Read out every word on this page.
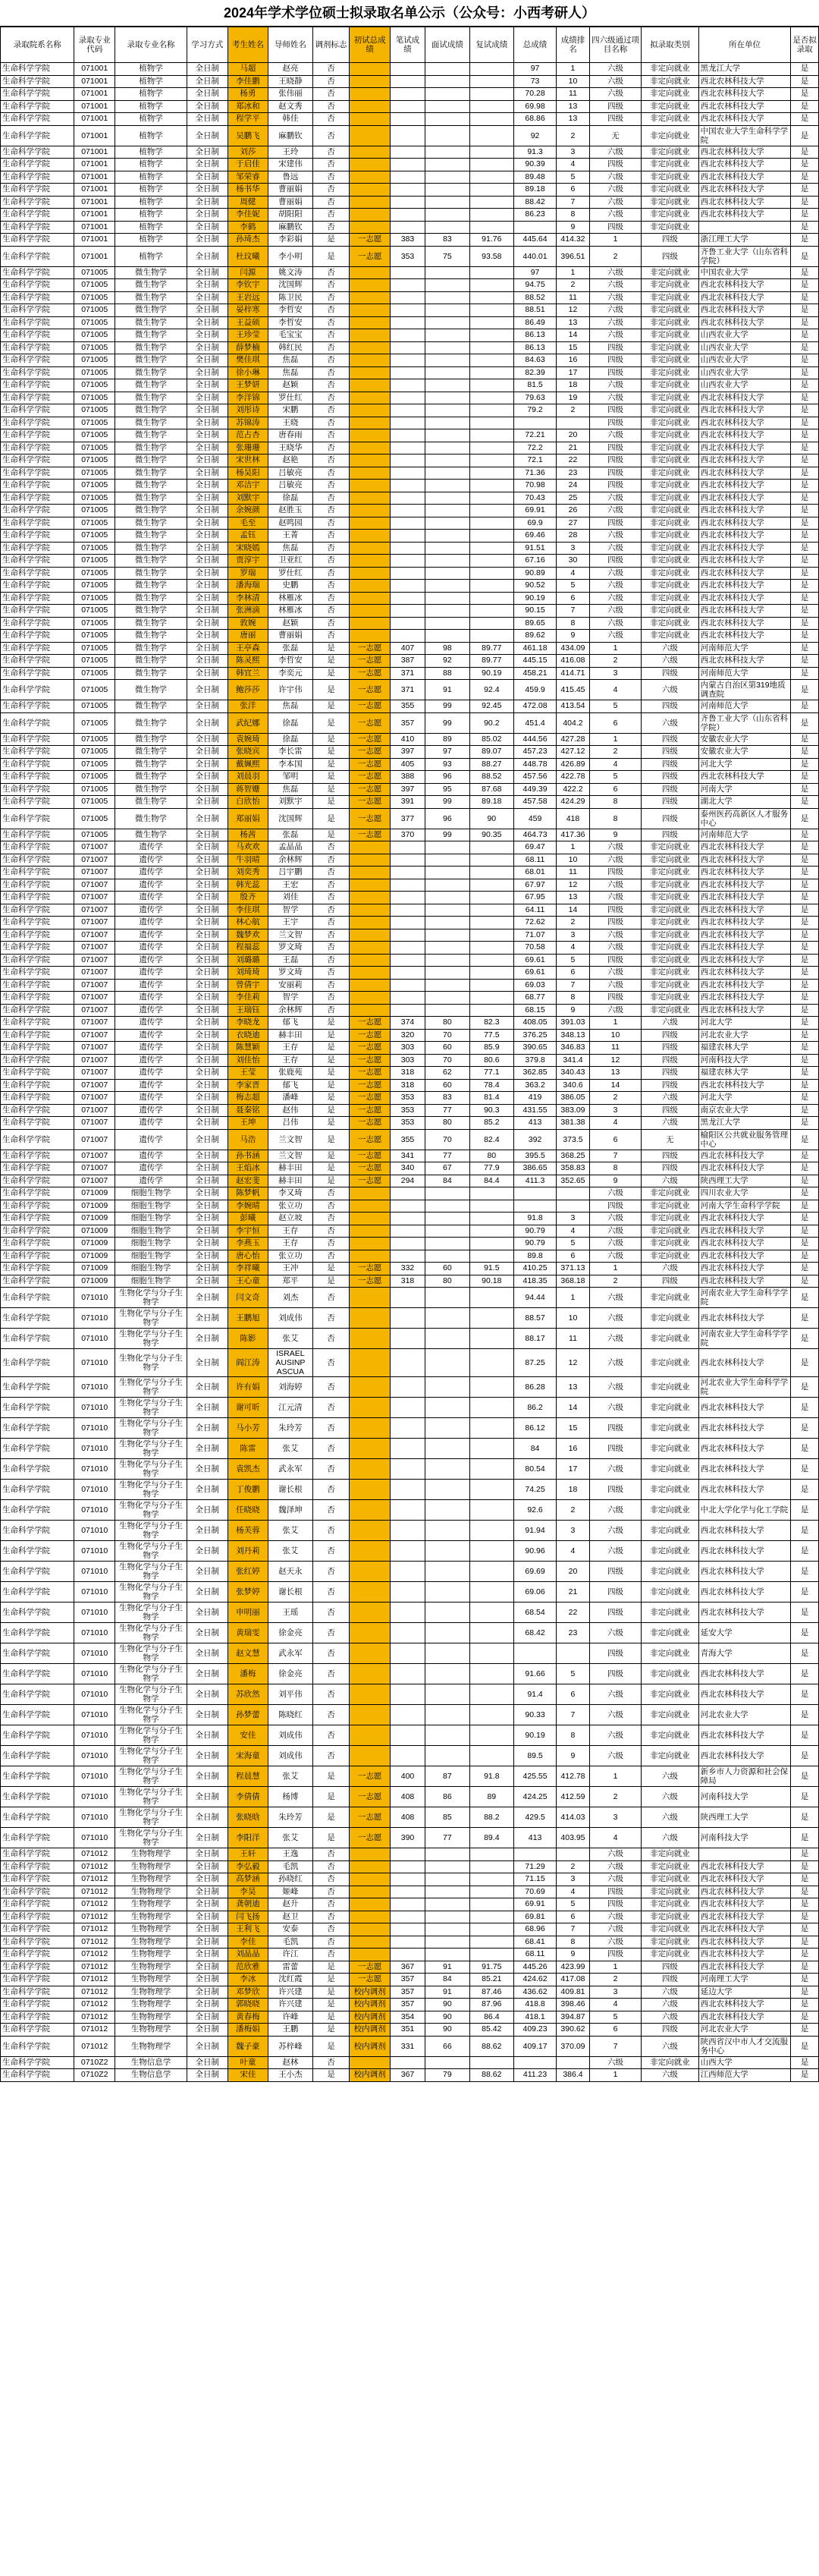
2024年学术学位硕士拟录取名单公示（公众号：小西考研人）
录取院系名称	录取专业代码	录取专业名称	学习方式	考生姓名	导师姓名	调剂标志	初试总成绩	笔试成绩	面试成绩	复试成绩	总成绩	成绩排名	四六级通过项目名称	拟录取类别	所在单位	是否拟录取
生命科学学院	071001	植物学	全日制	马超	赵亮	否					97	1	六级	非定向就业	黑龙江大学	是
生命科学学院	071001	植物学	全日制	李佳鹏	王晓静	否					73	10	六级	非定向就业	西北农林科技大学	是
生命科学学院	071001	植物学	全日制	杨勇	张伟丽	否					70.28	11	六级	非定向就业	西北农林科技大学	是
生命科学学院	071001	植物学	全日制	郑冰和	赵文秀	否					69.98	13	四级	非定向就业	西北农林科技大学	是
生命科学学院	071001	植物学	全日制	程学平	韩佳	否					68.86	13	四级	非定向就业	西北农林科技大学	是
生命科学学院	071001	植物学	全日制	吴鹏飞	麻鹏钦	否					92	2	无	非定向就业	中国农业大学生命科学学院	是
生命科学学院	071001	植物学	全日制	刘莎	王玲	否					91.3	3	六级	非定向就业	西北农林科技大学	是
生命科学学院	071001	植物学	全日制	于启佳	宋建伟	否					90.39	4	四级	非定向就业	西北农林科技大学	是
生命科学学院	071001	植物学	全日制	邹荣睿	鲁远	否					89.48	5	六级	非定向就业	西北农林科技大学	是
生命科学学院	071001	植物学	全日制	杨书华	曹丽娟	否					89.18	6	六级	非定向就业	西北农林科技大学	是
生命科学学院	071001	植物学	全日制	周健	曹丽娟	否					88.42	7	六级	非定向就业	西北农林科技大学	是
生命科学学院	071001	植物学	全日制	李佳妮	胡阳阳	否					86.23	8	六级	非定向就业	西北农林科技大学	是
生命科学学院	071001	植物学	全日制	李鹤	麻鹏钦	否						9	四级	非定向就业		是
生命科学学院	071001	植物学	全日制	孙琦杰	李彩娟	是	一志愿	383	83	91.76	445.64	414.32	1	四级	浙江理工大学	是
生命科学学院	071001	植物学	全日制	杜玟曦	李小明	是	一志愿	353	75	93.58	440.01	396.51	2	四级	齐鲁工业大学（山东省科学院）	是
生命科学学院	071005	微生物学	全日制	闫源	姚文涛	否					97	1	六级	非定向就业	中国农业大学	是
生命科学学院	071005	微生物学	全日制	李钦宇	沈国辉	否					94.75	2	六级	非定向就业	西北农林科技大学	是
生命科学学院	071005	微生物学	全日制	王岩远	陈卫民	否					88.52	11	六级	非定向就业	西北农林科技大学	是
生命科学学院	071005	微生物学	全日制	晏梓寒	李哲安	否					88.51	12	六级	非定向就业	西北农林科技大学	是
生命科学学院	071005	微生物学	全日制	王益硕	李哲安	否					86.49	13	六级	非定向就业	西北农林科技大学	是
生命科学学院	071005	微生物学	全日制	王珍莹	毛宝宝	否					86.13	14	六级	非定向就业	山西农业大学	是
生命科学学院	071005	微生物学	全日制	薛梦楠	韩红民	否					86.13	15	四级	非定向就业	山西农业大学	是
生命科学学院	071005	微生物学	全日制	樊佳琪	焦磊	否					84.63	16	四级	非定向就业	山西农业大学	是
生命科学学院	071005	微生物学	全日制	徐小琳	焦磊	否					82.39	17	四级	非定向就业	山西农业大学	是
生命科学学院	071005	微生物学	全日制	王梦妍	赵颖	否					81.5	18	六级	非定向就业	山西农业大学	是
生命科学学院	071005	微生物学	全日制	李洋锦	罗仕红	否					79.63	19	六级	非定向就业	西北农林科技大学	是
生命科学学院	071005	微生物学	全日制	刘彤诗	宋鹏	否					79.2	2	四级	非定向就业	西北农林科技大学	是
生命科学学院	071005	微生物学	全日制	苏锦涛	王晓	否							四级	非定向就业	西北农林科技大学	是
生命科学学院	071005	微生物学	全日制	范占杏	唐春雨	否					72.21	20	六级	非定向就业	西北农林科技大学	是
生命科学学院	071005	微生物学	全日制	张珊珊	王晓华	否					72.2	21	四级	非定向就业	西北农林科技大学	是
生命科学学院	071005	微生物学	全日制	宋世林	赵艳	否					72.1	22	四级	非定向就业	西北农林科技大学	是
生命科学学院	071005	微生物学	全日制	杨昊阳	吕敏亮	否					71.36	23	四级	非定向就业	西北农林科技大学	是
生命科学学院	071005	微生物学	全日制	邓洁宇	吕敏亮	否					70.98	24	四级	非定向就业	西北农林科技大学	是
生命科学学院	071005	微生物学	全日制	刘默宇	徐磊	否					70.43	25	六级	非定向就业	西北农林科技大学	是
生命科学学院	071005	微生物学	全日制	余婉颜	赵胜玉	否					69.91	26	六级	非定向就业	西北农林科技大学	是
生命科学学院	071005	微生物学	全日制	毛至	赵鸣园	否					69.9	27	四级	非定向就业	西北农林科技大学	是
生命科学学院	071005	微生物学	全日制	孟钰	王菁	否					69.46	28	六级	非定向就业	西北农林科技大学	是
生命科学学院	071005	微生物学	全日制	宋晓嫣	焦磊	否					91.51	3	六级	非定向就业	西北农林科技大学	是
生命科学学院	071005	微生物学	全日制	贾淳宇	卫亚红	否					67.16	30	四级	非定向就业	西北农林科技大学	是
生命科学学院	071005	微生物学	全日制	罗瑞	罗仕红	否					90.89	4	六级	非定向就业	西北农林科技大学	是
生命科学学院	071005	微生物学	全日制	潘海瑞	史鹏	否					90.52	5	六级	非定向就业	西北农林科技大学	是
生命科学学院	071005	微生物学	全日制	李林清	林雁冰	否					90.19	6	六级	非定向就业	西北农林科技大学	是
生命科学学院	071005	微生物学	全日制	张洲滴	林雁冰	否					90.15	7	六级	非定向就业	西北农林科技大学	是
生命科学学院	071005	微生物学	全日制	敦婉	赵颖	否					89.65	8	六级	非定向就业	西北农林科技大学	是
生命科学学院	071005	微生物学	全日制	唐丽	曹丽娟	否					89.62	9	六级	非定向就业	西北农林科技大学	是
生命科学学院	071005	微生物学	全日制	王亭森	张磊	是	一志愿	407	98	89.77	461.18	434.09	1	六级	河南师范大学	是
生命科学学院	071005	微生物学	全日制	陈灵熙	李哲安	是	一志愿	387	92	89.77	445.15	416.08	2	六级	西北农林科技大学	是
生命科学学院	071005	微生物学	全日制	韩宜兰	李奕元	是	一志愿	371	88	90.19	458.21	414.71	3	四级	河南师范大学	是
生命科学学院	071005	微生物学	全日制	鲍莎莎	许宇伟	是	一志愿	371	91	92.4	459.9	415.45	4	六级	内蒙古自治区第319地质调查院	是
生命科学学院	071005	微生物学	全日制	张洋	焦磊	是	一志愿	355	99	92.45	472.08	413.54	5	四级	河南师范大学	是
生命科学学院	071005	微生物学	全日制	武纪娜	徐磊	是	一志愿	357	99	90.2	451.4	404.2	6	六级	齐鲁工业大学（山东省科学院）	是
生命科学学院	071005	微生物学	全日制	袁婉琦	徐磊	是	一志愿	410	89	85.02	444.56	427.28	1	四级	安徽农业大学	是
生命科学学院	071005	微生物学	全日制	张晓宾	李长雷	是	一志愿	397	97	89.07	457.23	427.12	2	四级	安徽农业大学	是
生命科学学院	071005	微生物学	全日制	戴姵熙	李本国	是	一志愿	405	93	88.27	448.78	426.89	4	四级	河北大学	是
生命科学学院	071005	微生物学	全日制	刘晨羽	邹明	是	一志愿	388	96	88.52	457.56	422.78	5	四级	西北农林科技大学	是
生命科学学院	071005	微生物学	全日制	蒋智姗	焦磊	是	一志愿	397	95	87.68	449.39	422.2	6	四级	河南大学	是
生命科学学院	071005	微生物学	全日制	白欣怡	刘默宇	是	一志愿	391	99	89.18	457.58	424.29	8	四级	湖北大学	是
生命科学学院	071005	微生物学	全日制	郑丽娟	沈国辉	是	一志愿	377	96	90	459	418	8	四级	泰州医药高新区人才服务中心	是
生命科学学院	071005	微生物学	全日制	杨茜	张磊	是	一志愿	370	99	90.35	464.73	417.36	9	四级	河南师范大学	是
生命科学学院	071007	遗传学	全日制	马欢欢	孟晶晶	否					69.47	1	六级	非定向就业	西北农林科技大学	是
生命科学学院	071007	遗传学	全日制	牛羽晴	余林辉	否					68.11	10	六级	非定向就业	西北农林科技大学	是
生命科学学院	071007	遗传学	全日制	刘奕秀	吕宇鹏	否					68.01	11	四级	非定向就业	西北农林科技大学	是
生命科学学院	071007	遗传学	全日制	韩光蕊	王宏	否					67.97	12	六级	非定向就业	西北农林科技大学	是
生命科学学院	071007	遗传学	全日制	殷齐	刘佳	否					67.95	13	六级	非定向就业	西北农林科技大学	是
生命科学学院	071007	遗传学	全日制	李佳琪	智学	否					64.11	14	四级	非定向就业	西北农林科技大学	是
生命科学学院	071007	遗传学	全日制	林心航	王宇	否					72.62	2	四级	非定向就业	西北农林科技大学	是
生命科学学院	071007	遗传学	全日制	魏梦欢	兰文智	否					71.07	3	六级	非定向就业	西北农林科技大学	是
生命科学学院	071007	遗传学	全日制	程福蕊	罗文琦	否					70.58	4	六级	非定向就业	西北农林科技大学	是
生命科学学院	071007	遗传学	全日制	刘璐璐	王磊	否					69.61	5	四级	非定向就业	西北农林科技大学	是
生命科学学院	071007	遗传学	全日制	刘琦琦	罗文琦	否					69.61	6	六级	非定向就业	西北农林科技大学	是
生命科学学院	071007	遗传学	全日制	曾倩宇	安丽莉	否					69.03	7	六级	非定向就业	西北农林科技大学	是
生命科学学院	071007	遗传学	全日制	李佳莉	智学	否					68.77	8	四级	非定向就业	西北农林科技大学	是
生命科学学院	071007	遗传学	全日制	王瑞钰	余林辉	否					68.15	9	六级	非定向就业	西北农林科技大学	是
生命科学学院	071007	遗传学	全日制	李晓龙	郁飞	是	一志愿	374	80	82.3	408.05	391.03	1	六级	河北大学	是
生命科学学院	071007	遗传学	全日制	衣晓迪	赫丰田	是	一志愿	320	70	77.5	376.25	348.13	10	四级	河北农业大学	是
生命科学学院	071007	遗传学	全日制	陈慧颖	王存	是	一志愿	303	60	85.9	390.65	346.83	11	四级	福建农林大学	是
生命科学学院	071007	遗传学	全日制	刘佳怡	王存	是	一志愿	303	70	80.6	379.8	341.4	12	四级	河南科技大学	是
生命科学学院	071007	遗传学	全日制	王莹	张鹿苑	是	一志愿	318	62	77.1	362.85	340.43	13	四级	福建农林大学	是
生命科学学院	071007	遗传学	全日制	李家晋	郁飞	是	一志愿	318	60	78.4	363.2	340.6	14	四级	西北农林科技大学	是
生命科学学院	071007	遗传学	全日制	梅志超	潘峰	是	一志愿	353	83	81.4	419	386.05	2	六级	河北大学	是
生命科学学院	071007	遗传学	全日制	聂秦铭	赵伟	是	一志愿	353	77	90.3	431.55	383.09	3	四级	南京农业大学	是
生命科学学院	071007	遗传学	全日制	王坤	吕伟	是	一志愿	353	80	85.2	413	381.38	4	六级	黑龙江大学	是
生命科学学院	071007	遗传学	全日制	马浩	兰文智	是	一志愿	355	70	82.4	392	373.5	6	无	榆阳区公共就业服务管理中心	是
生命科学学院	071007	遗传学	全日制	孙书涵	兰文智	是	一志愿	341	77	80	395.5	368.25	7	四级	西北农林科技大学	是
生命科学学院	071007	遗传学	全日制	王焰冰	赫丰田	是	一志愿	340	67	77.9	386.65	358.83	8	四级	西北农林科技大学	是
生命科学学院	071007	遗传学	全日制	赵宏斐	赫丰田	是	一志愿	294	84	84.4	411.3	352.65	9	六级	陕西理工大学	是
生命科学学院	071009	细胞生物学	全日制	陈梦帆	李又琦	否							六级	非定向就业	四川农业大学	是
生命科学学院	071009	细胞生物学	全日制	李婉晴	张立功	否							四级	非定向就业	河南大学生命科学学院	是
生命科学学院	071009	细胞生物学	全日制	彭曦	赵立坡	否					91.8	3	六级	非定向就业	西北农林科技大学	是
生命科学学院	071009	细胞生物学	全日制	李宇恒	王存	否					90.79	4	六级	非定向就业	西北农林科技大学	是
生命科学学院	071009	细胞生物学	全日制	李燕玉	王存	否					90.79	5	六级	非定向就业	西北农林科技大学	是
生命科学学院	071009	细胞生物学	全日制	唐心怡	张立功	否					89.8	6	六级	非定向就业	西北农林科技大学	是
生命科学学院	071009	细胞生物学	全日制	李祥曦	王冲	是	一志愿	332	60	91.5	410.25	371.13	1	六级	西北农林科技大学	是
生命科学学院	071009	细胞生物学	全日制	王心童	郑平	是	一志愿	318	80	90.18	418.35	368.18	2	四级	西北农林科技大学	是
生命科学学院	071010	生物化学与分子生物学	全日制	闫文奇	刘杰	否					94.44	1	六级	非定向就业	河南农业大学生命科学学院	是
生命科学学院	071010	生物化学与分子生物学	全日制	王鹏旭	刘成伟	否					88.57	10	六级	非定向就业	西北农林科技大学	是
生命科学学院	071010	生物化学与分子生物学	全日制	陈影	张艾	否					88.17	11	六级	非定向就业	河南农业大学生命科学学院	是
生命科学学院	071010	生物化学与分子生物学	全日制	阎江涛	ISRAEL AUSINP ASCUA	否					87.25	12	六级	非定向就业	西北农林科技大学	是
生命科学学院	071010	生物化学与分子生物学	全日制	许有娟	刘海婷	否					86.28	13	六级	非定向就业	河北农业大学生命科学学院	是
生命科学学院	071010	生物化学与分子生物学	全日制	谢可昕	江元清	否					86.2	14	六级	非定向就业	西北农林科技大学	是
生命科学学院	071010	生物化学与分子生物学	全日制	马小芳	朱玲芳	否					86.12	15	四级	非定向就业	西北农林科技大学	是
生命科学学院	071010	生物化学与分子生物学	全日制	陈雷	张艾	否					84	16	四级	非定向就业	西北农林科技大学	是
生命科学学院	071010	生物化学与分子生物学	全日制	袁凯杰	武永军	否					80.54	17	六级	非定向就业	西北农林科技大学	是
生命科学学院	071010	生物化学与分子生物学	全日制	丁俊鹏	谢长根	否					74.25	18	四级	非定向就业	西北农林科技大学	是
生命科学学院	071010	生物化学与分子生物学	全日制	任晓晓	魏泽坤	否					92.6	2	六级	非定向就业	中北大学化学与化工学院	是
生命科学学院	071010	生物化学与分子生物学	全日制	杨芙蓉	张艾	否					91.94	3	六级	非定向就业	西北农林科技大学	是
生命科学学院	071010	生物化学与分子生物学	全日制	刘丹莉	张艾	否					90.96	4	六级	非定向就业	西北农林科技大学	是
生命科学学院	071010	生物化学与分子生物学	全日制	张红婷	赵天永	否					69.69	20	四级	非定向就业	西北农林科技大学	是
生命科学学院	071010	生物化学与分子生物学	全日制	张梦婷	谢长根	否					69.06	21	四级	非定向就业	西北农林科技大学	是
生命科学学院	071010	生物化学与分子生物学	全日制	申明丽	王瑶	否					68.54	22	四级	非定向就业	西北农林科技大学	是
生命科学学院	071010	生物化学与分子生物学	全日制	黄瑞雯	徐金亮	否					68.42	23	六级	非定向就业	延安大学	是
生命科学学院	071010	生物化学与分子生物学	全日制	赵文慧	武永军	否							四级	非定向就业	青海大学	是
生命科学学院	071010	生物化学与分子生物学	全日制	潘梅	徐金亮	否					91.66	5	四级	非定向就业	西北农林科技大学	是
生命科学学院	071010	生物化学与分子生物学	全日制	苏欣然	刘平伟	否					91.4	6	六级	非定向就业	西北农林科技大学	是
生命科学学院	071010	生物化学与分子生物学	全日制	孙梦蕾	陈晓红	否					90.33	7	六级	非定向就业	河北农业大学	是
生命科学学院	071010	生物化学与分子生物学	全日制	安佳	刘成伟	否					90.19	8	六级	非定向就业	西北农林科技大学	是
生命科学学院	071010	生物化学与分子生物学	全日制	宋海童	刘成伟	否					89.5	9	六级	非定向就业	西北农林科技大学	是
生命科学学院	071010	生物化学与分子生物学	全日制	程晨慧	张艾	是	一志愿	400	87	91.8	425.55	412.78	1	六级	新乡市人力资源和社会保障局	是
生命科学学院	071010	生物化学与分子生物学	全日制	李倩倩	杨博	是	一志愿	408	86	89	424.25	412.59	2	六级	河南科技大学	是
生命科学学院	071010	生物化学与分子生物学	全日制	张晓晗	朱玲芳	是	一志愿	408	85	88.2	429.5	414.03	3	六级	陕西理工大学	是
生命科学学院	071010	生物化学与分子生物学	全日制	李阳洋	张艾	是	一志愿	390	77	89.4	413	403.95	4	六级	河南科技大学	是
生命科学学院	071012	生物物理学	全日制	王轩	王逸	否							六级	非定向就业		是
生命科学学院	071012	生物物理学	全日制	李弘毅	毛凯	否					71.29	2	六级	非定向就业	西北农林科技大学	是
生命科学学院	071012	生物物理学	全日制	高梦涵	孙晓红	否					71.15	3	六级	非定向就业	西北农林科技大学	是
生命科学学院	071012	生物物理学	全日制	李昊	姬峰	否					70.69	4	四级	非定向就业	西北农林科技大学	是
生命科学学院	071012	生物物理学	全日制	龚朝迪	赵升	否					69.91	5	四级	非定向就业	西北农林科技大学	是
生命科学学院	071012	生物物理学	全日制	闫飞扬	赵卫	否					69.81	6	六级	非定向就业	西北农林科技大学	是
生命科学学院	071012	生物物理学	全日制	王利飞	安泰	否					68.96	7	六级	非定向就业	西北农林科技大学	是
生命科学学院	071012	生物物理学	全日制	李佳	毛凯	否					68.41	8	六级	非定向就业	西北农林科技大学	是
生命科学学院	071012	生物物理学	全日制	刘晶晶	许江	否					68.11	9	四级	非定向就业	西北农林科技大学	是
生命科学学院	071012	生物物理学	全日制	范欣雅	雷蕾	是	一志愿	367	91	91.75	445.26	423.99	1	四级	西北农林科技大学	是
生命科学学院	071012	生物物理学	全日制	李冰	沈红霞	是	一志愿	357	84	85.21	424.62	417.08	2	四级	河南理工大学	是
生命科学学院	071012	生物物理学	全日制	邓梦欣	许兴建	是	校内调剂	357	91	87.46	436.62	409.81	3	六级	延边大学	是
生命科学学院	071012	生物物理学	全日制	郭晓晓	许兴建	是	校内调剂	357	90	87.96	418.8	398.46	4	六级	西北农林科技大学	是
生命科学学院	071012	生物物理学	全日制	黄春梅	许峰	是	校内调剂	354	90	86.4	418.1	394.87	5	六级	西北农林科技大学	是
生命科学学院	071012	生物物理学	全日制	潘梅娟	王鹏	是	校内调剂	351	90	85.42	409.23	390.62	6	四级	河北农业大学	是
生命科学学院	071012	生物物理学	全日制	魏子豪	苏梓峰	是	校内调剂	331	66	88.62	409.17	370.09	7	六级	陕西省汉中市人才交流服务中心	是
生命科学学院	0710Z2	生物信息学	全日制	叶童	赵林	否							六级	非定向就业	山西大学	是
生命科学学院	0710Z2	生物信息学	全日制	宋佳	王小杰	是	校内调剂	367	79	88.62	411.23	386.4	1	六级	江西师范大学	是
